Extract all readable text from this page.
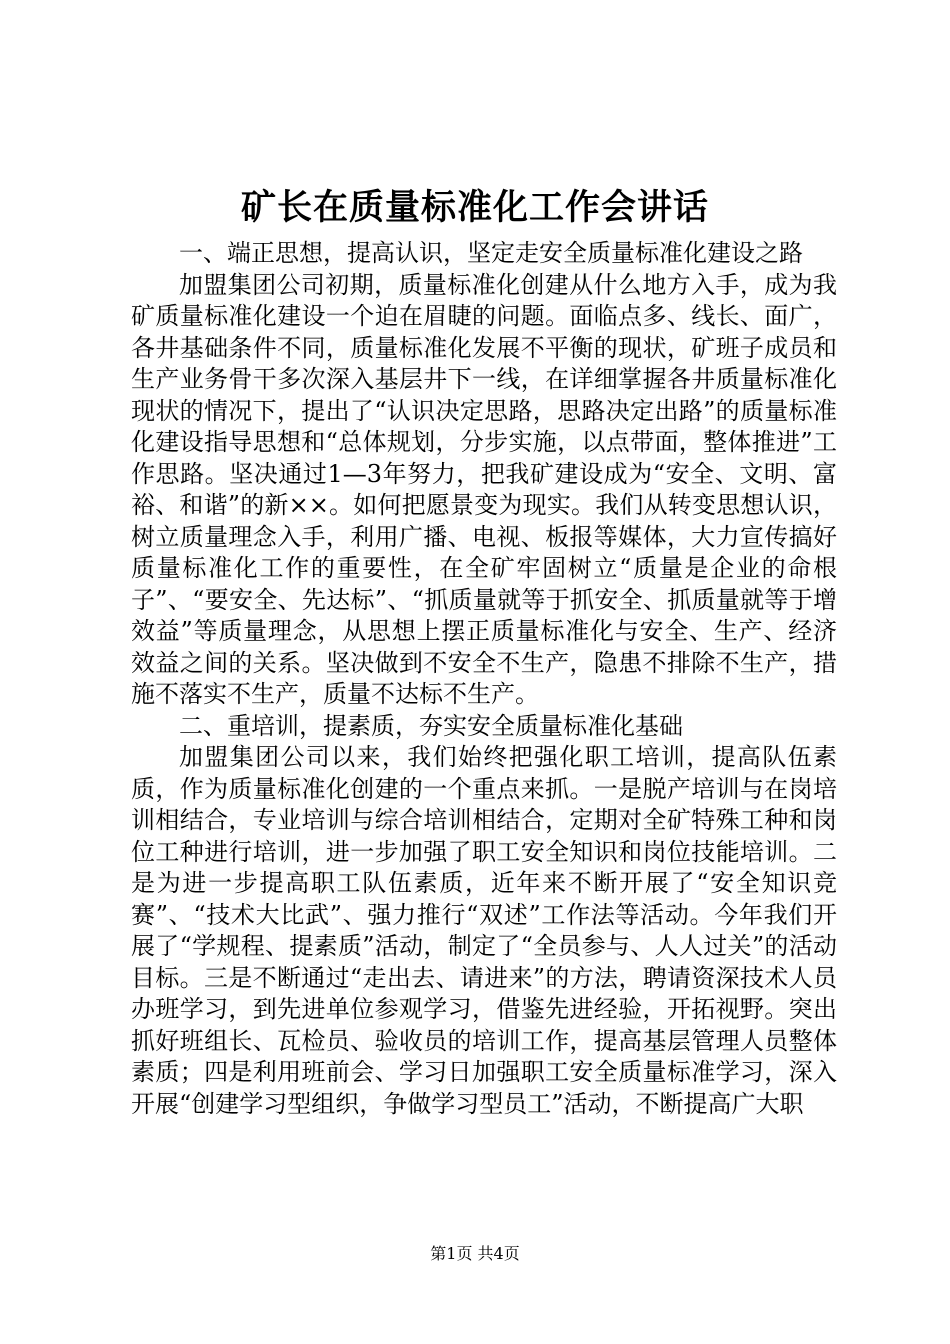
矿长在质量标准化工作会讲话

一、端正思想，提高认识，坚定走安全质量标准化建设之路

加盟集团公司初期，质量标准化创建从什么地方入手，成为我矿质量标准化建设一个迫在眉睫的问题。面临点多、线长、面广，各井基础条件不同，质量标准化发展不平衡的现状，矿班子成员和生产业务骨干多次深入基层井下一线，在详细掌握各井质量标准化现状的情况下，提出了“认识决定思路，思路决定出路”的质量标准化建设指导思想和“总体规划，分步实施，以点带面，整体推进”工作思路。坚决通过1—3年努力，把我矿建设成为“安全、文明、富裕、和谐”的新××。如何把愿景变为现实。我们从转变思想认识，树立质量理念入手，利用广播、电视、板报等媒体，大力宣传搞好质量标准化工作的重要性，在全矿牢固树立“质量是企业的命根子”、“要安全、先达标”、“抓质量就等于抓安全、抓质量就等于增效益”等质量理念，从思想上摆正质量标准化与安全、生产、经济效益之间的关系。坚决做到不安全不生产，隐患不排除不生产，措施不落实不生产，质量不达标不生产。

二、重培训，提素质，夯实安全质量标准化基础

加盟集团公司以来，我们始终把强化职工培训，提高队伍素质，作为质量标准化创建的一个重点来抓。一是脱产培训与在岗培训相结合，专业培训与综合培训相结合，定期对全矿特殊工种和岗位工种进行培训，进一步加强了职工安全知识和岗位技能培训。二是为进一步提高职工队伍素质，近年来不断开展了“安全知识竞赛”、“技术大比武”、强力推行“双述”工作法等活动。今年我们开展了“学规程、提素质”活动，制定了“全员参与、人人过关”的活动目标。三是不断通过“走出去、请进来”的方法，聘请资深技术人员办班学习，到先进单位参观学习，借鉴先进经验，开拓视野。突出抓好班组长、瓦检员、验收员的培训工作，提高基层管理人员整体素质；四是利用班前会、学习日加强职工安全质量标准学习，深入开展“创建学习型组织，争做学习型员工”活动，不断提高广大职

第1页 共4页
